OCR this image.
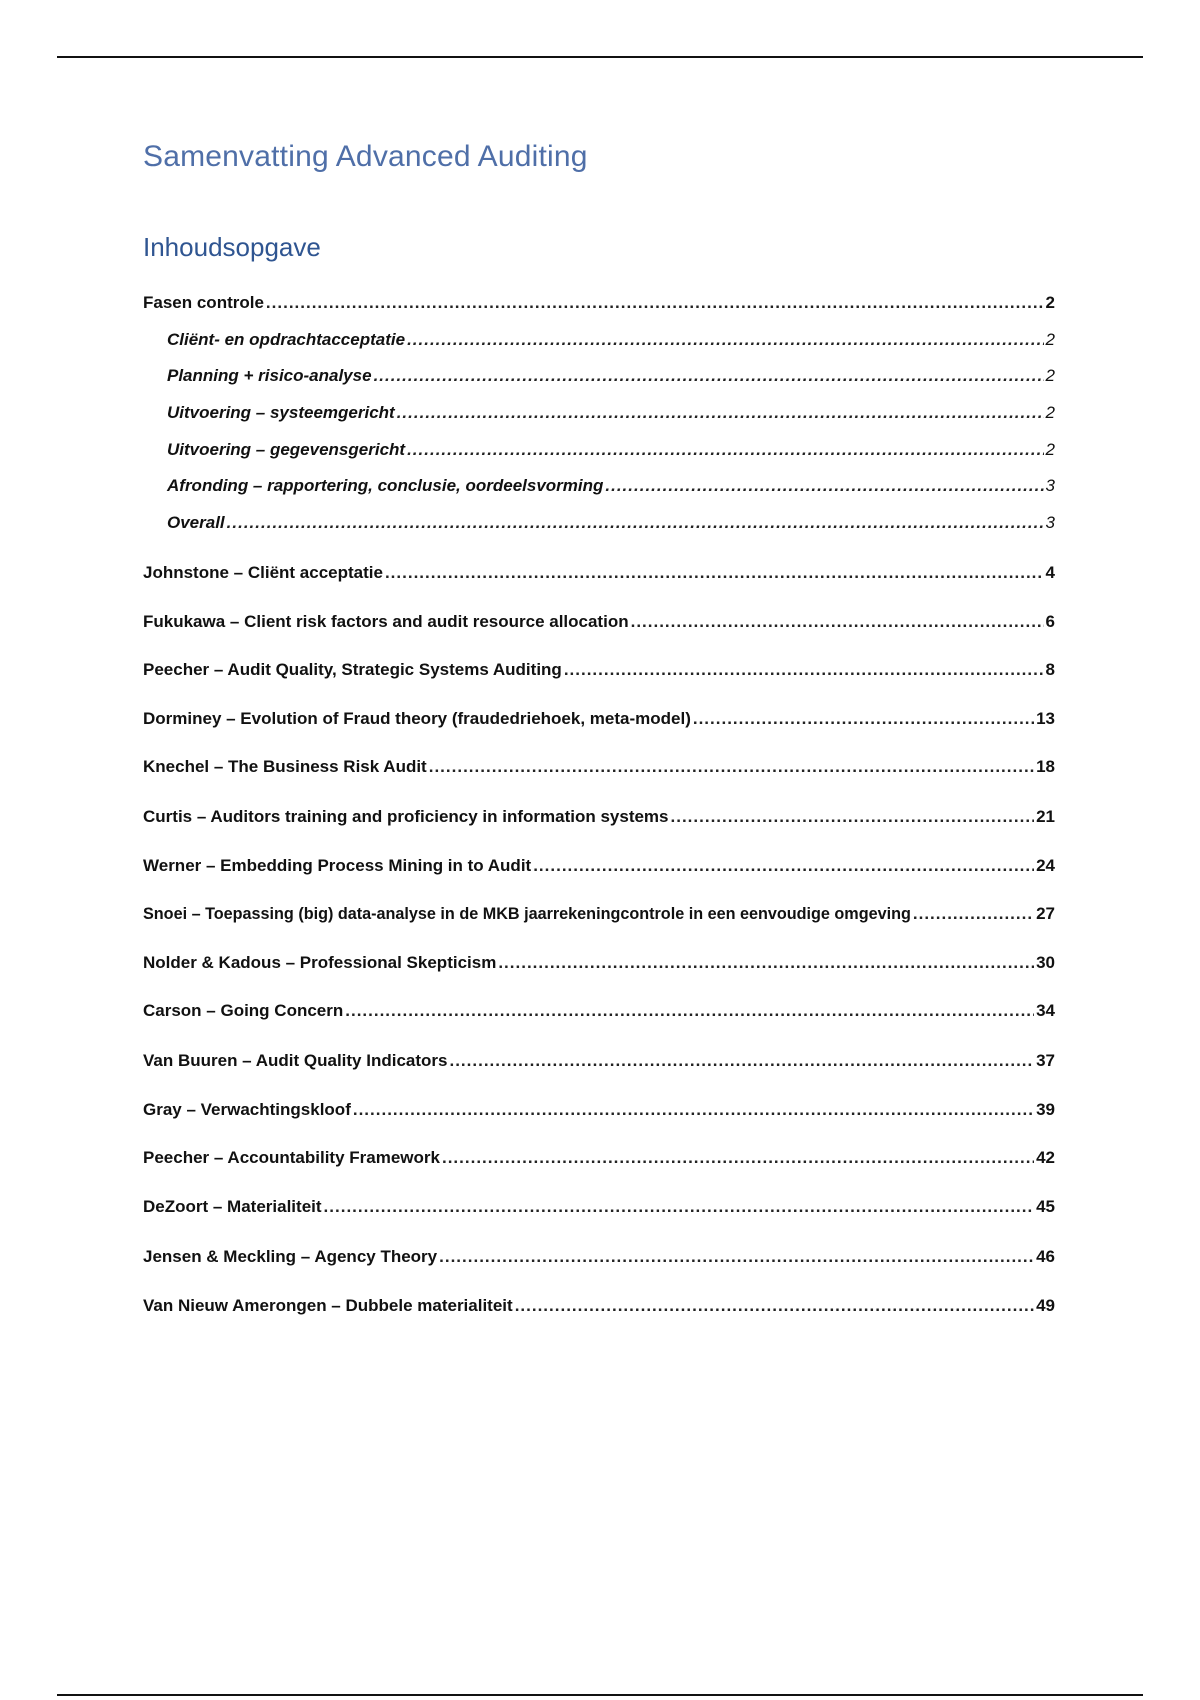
Samenvatting Advanced Auditing
Inhoudsopgave
Fasen controle .....	2
Cliënt- en opdrachtacceptatie .....	2
Planning + risico-analyse .....	2
Uitvoering – systeemgericht .....	2
Uitvoering – gegevensgericht .....	2
Afronding – rapportering, conclusie, oordeelsvorming .....	3
Overall .....	3
Johnstone – Cliënt acceptatie .....	4
Fukukawa – Client risk factors and audit resource allocation .....	6
Peecher – Audit Quality, Strategic Systems Auditing .....	8
Dorminey – Evolution of Fraud theory (fraudedriehoek, meta-model) .....	13
Knechel – The Business Risk Audit .....	18
Curtis – Auditors training and proficiency in information systems .....	21
Werner – Embedding Process Mining in to Audit .....	24
Snoei – Toepassing (big) data-analyse in de MKB jaarrekeningcontrole in een eenvoudige omgeving .....	27
Nolder & Kadous – Professional Skepticism .....	30
Carson – Going Concern .....	34
Van Buuren – Audit Quality Indicators .....	37
Gray – Verwachtingskloof .....	39
Peecher – Accountability Framework .....	42
DeZoort – Materialiteit .....	45
Jensen & Meckling – Agency Theory .....	46
Van Nieuw Amerongen – Dubbele materialiteit .....	49
